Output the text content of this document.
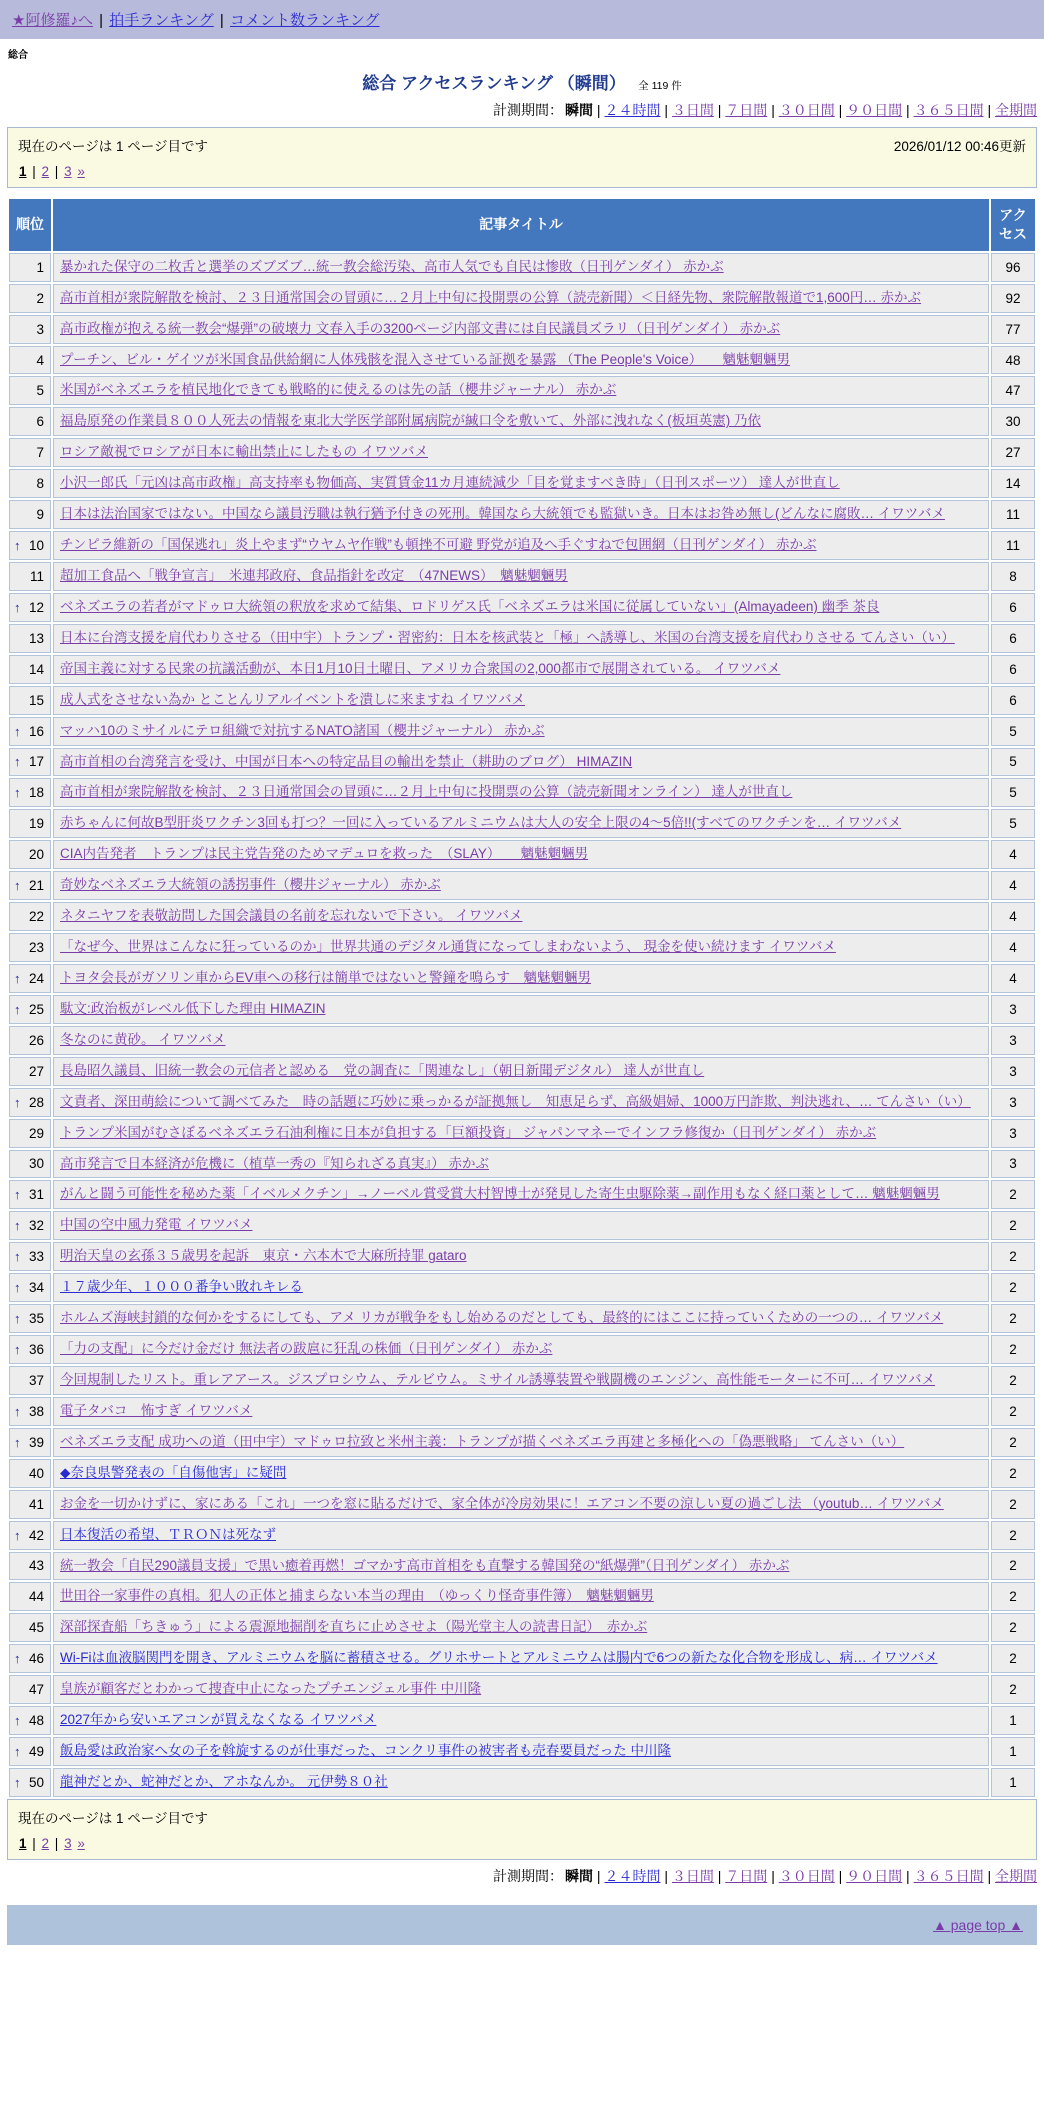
★阿修羅♪へ | 拍手ランキング | コメント数ランキング
総合
総合 アクセスランキング （瞬間） 全 119 件
計測期間： 瞬間 | ２４時間 | ３日間 | ７日間 | ３０日間 | ９０日間 | ３６５日間 | 全期間
現在のページは 1 ページ目です	2026/01/12 00:46更新
1 | 2 | 3 »
順位	記事タイトル	アクセス

1	暴かれた保守の二枚舌と選挙のズブズブ…統一教会総汚染、高市人気でも自民は惨敗（日刊ゲンダイ） 赤かぶ	96

2	高市首相が衆院解散を検討、２３日通常国会の冒頭に…２月上中旬に投開票の公算（読売新聞）＜日経先物、衆院解散報道で1,600円… 赤かぶ	92

3	高市政権が抱える統一教会“爆弾”の破壊力 文春入手の3200ページ内部文書には自民議員ズラリ（日刊ゲンダイ） 赤かぶ	77

4	プーチン、ビル・ゲイツが米国食品供給網に人体残骸を混入させている証拠を暴露 （The People's Voice）　　魑魅魍魎男	48

5	米国がベネズエラを植民地化できても戦略的に使えるのは先の話（櫻井ジャーナル） 赤かぶ	47

6	福島原発の作業員８００人死去の情報を東北大学医学部附属病院が緘口令を敷いて、外部に洩れなく(板垣英憲) 乃依	30

7	ロシア敵視でロシアが日本に輸出禁止にしたもの イワツバメ	27

8	小沢一郎氏「元凶は高市政権」高支持率も物価高、実質賃金11カ月連続減少「目を覚ますべき時」（日刊スポーツ） 達人が世直し	14

9	日本は法治国家ではない。中国なら議員汚職は執行猶予付きの死刑。韓国なら大統領でも監獄いき。日本はお咎め無し(どんなに腐敗… イワツバメ	11

↑ 10	チンピラ維新の「国保逃れ」炎上やまず“ウヤムヤ作戦”も頓挫不可避 野党が追及へ手ぐすねで包囲網（日刊ゲンダイ） 赤かぶ	11

11	超加工食品へ「戦争宣言」　米連邦政府、食品指針を改定　（47NEWS）　魑魅魍魎男	8

↑ 12	ベネズエラの若者がマドゥロ大統領の釈放を求めて結集、ロドリゲス氏「ベネズエラは米国に従属していない」(Almayadeen) 幽季 茶良	6

13	日本に台湾支援を肩代わりさせる（田中宇）トランプ・習密約：日本を核武装と「極」へ誘導し、米国の台湾支援を肩代わりさせる てんさい（い）	6

14	帝国主義に対する民衆の抗議活動が、本日1月10日土曜日、アメリカ合衆国の2,000都市で展開されている。 イワツバメ	6

15	成人式をさせない為か とことんリアルイベントを潰しに来ますね イワツバメ	6

↑ 16	マッハ10のミサイルにテロ組織で対抗するNATO諸国（櫻井ジャーナル） 赤かぶ	5

↑ 17	高市首相の台湾発言を受け、中国が日本への特定品目の輸出を禁止（耕助のブログ） HIMAZIN	5

↑ 18	高市首相が衆院解散を検討、２３日通常国会の冒頭に…２月上中旬に投開票の公算（読売新聞オンライン） 達人が世直し	5

19	赤ちゃんに何故B型肝炎ワクチン3回も打つ？一回に入っているアルミニウムは大人の安全上限の4～5倍!!(すべてのワクチンを… イワツバメ	5

20	CIA内告発者　トランプは民主党告発のためマデュロを救った　（SLAY）　　魑魅魍魎男	4

↑ 21	奇妙なベネズエラ大統領の誘拐事件（櫻井ジャーナル） 赤かぶ	4

22	ネタニヤフを表敬訪問した国会議員の名前を忘れないで下さい。 イワツバメ	4

23	「なぜ今、世界はこんなに狂っているのか」世界共通のデジタル通貨になってしまわないよう、 現金を使い続けます イワツバメ	4

↑ 24	トヨタ会長がガソリン車からEV車への移行は簡単ではないと警鐘を鳴らす　魑魅魍魎男	4

↑ 25	駄文:政治板がレベル低下した理由 HIMAZIN	3

26	冬なのに黄砂。 イワツバメ	3

27	長島昭久議員、旧統一教会の元信者と認める　党の調査に「関連なし」（朝日新聞デジタル） 達人が世直し	3

↑ 28	文責者、深田萌絵について調べてみた　時の話題に巧妙に乗っかるが証拠無し　知恵足らず、高級娼婦、1000万円詐欺、判決逃れ、… てんさい（い）	3

29	トランプ米国がむさぼるベネズエラ石油利権に日本が負担する「巨額投資」 ジャパンマネーでインフラ修復か（日刊ゲンダイ） 赤かぶ	3

30	高市発言で日本経済が危機に（植草一秀の『知られざる真実』） 赤かぶ	3

↑ 31	がんと闘う可能性を秘めた薬「イベルメクチン」→ノーベル賞受賞大村智博士が発見した寄生虫駆除薬→副作用もなく経口薬として… 魑魅魍魎男	2

↑ 32	中国の空中風力発電 イワツバメ	2

↑ 33	明治天皇の玄孫３５歳男を起訴　東京・六本木で大麻所持罪 gataro	2

↑ 34	１７歳少年、１０００番争い敗れキレる	2

↑ 35	ホルムズ海峡封鎖的な何かをするにしても、アメ リカが戦争をもし始めるのだとしても、最終的にはここに持っていくための一つの… イワツバメ	2

↑ 36	「力の支配」に今だけ金だけ 無法者の跋扈に狂乱の株価（日刊ゲンダイ） 赤かぶ	2

37	今回規制したリスト。重レアアース。ジスプロシウム、テルビウム。ミサイル誘導装置や戦闘機のエンジン、高性能モーターに不可… イワツバメ	2

↑ 38	電子タバコ　怖すぎ イワツバメ	2

↑ 39	ベネズエラ支配 成功への道（田中宇）マドゥロ拉致と米州主義：トランプが描くベネズエラ再建と多極化への「偽悪戦略」 てんさい（い）	2

40	◆奈良県警発表の「自傷他害」に疑問	2

41	お金を一切かけずに、家にある「これ」一つを窓に貼るだけで、家全体が冷房効果に！エアコン不要の涼しい夏の過ごし法 （youtub… イワツバメ	2

↑ 42	日本復活の希望、ＴＲＯＮは死なず	2

43	統一教会「自民290議員支援」で黒い癒着再燃！ゴマかす高市首相をも直撃する韓国発の“紙爆弾”（日刊ゲンダイ） 赤かぶ	2

44	世田谷一家事件の真相。犯人の正体と捕まらない本当の理由　（ゆっくり怪奇事件簿）　魑魅魍魎男	2

45	深部探査船「ちきゅう」による震源地掘削を直ちに止めさせよ（陽光堂主人の読書日記）　赤かぶ	2

↑ 46	Wi-Fiは血液脳関門を開き、アルミニウムを脳に蓄積させる。グリホサートとアルミニウムは腸内で6つの新たな化合物を形成し、病… イワツバメ	2

47	皇族が顧客だとわかって捜査中止になったプチエンジェル事件 中川隆	2

↑ 48	2027年から安いエアコンが買えなくなる イワツバメ	1

↑ 49	飯島愛は政治家へ女の子を斡旋するのが仕事だった、コンクリ事件の被害者も売春要員だった 中川隆	1

↑ 50	龍神だとか、蛇神だとか、アホなんか。 元伊勢８０社	1
現在のページは 1 ページ目です
1 | 2 | 3 »
計測期間： 瞬間 | ２４時間 | ３日間 | ７日間 | ３０日間 | ９０日間 | ３６５日間 | 全期間
▲ page top ▲
